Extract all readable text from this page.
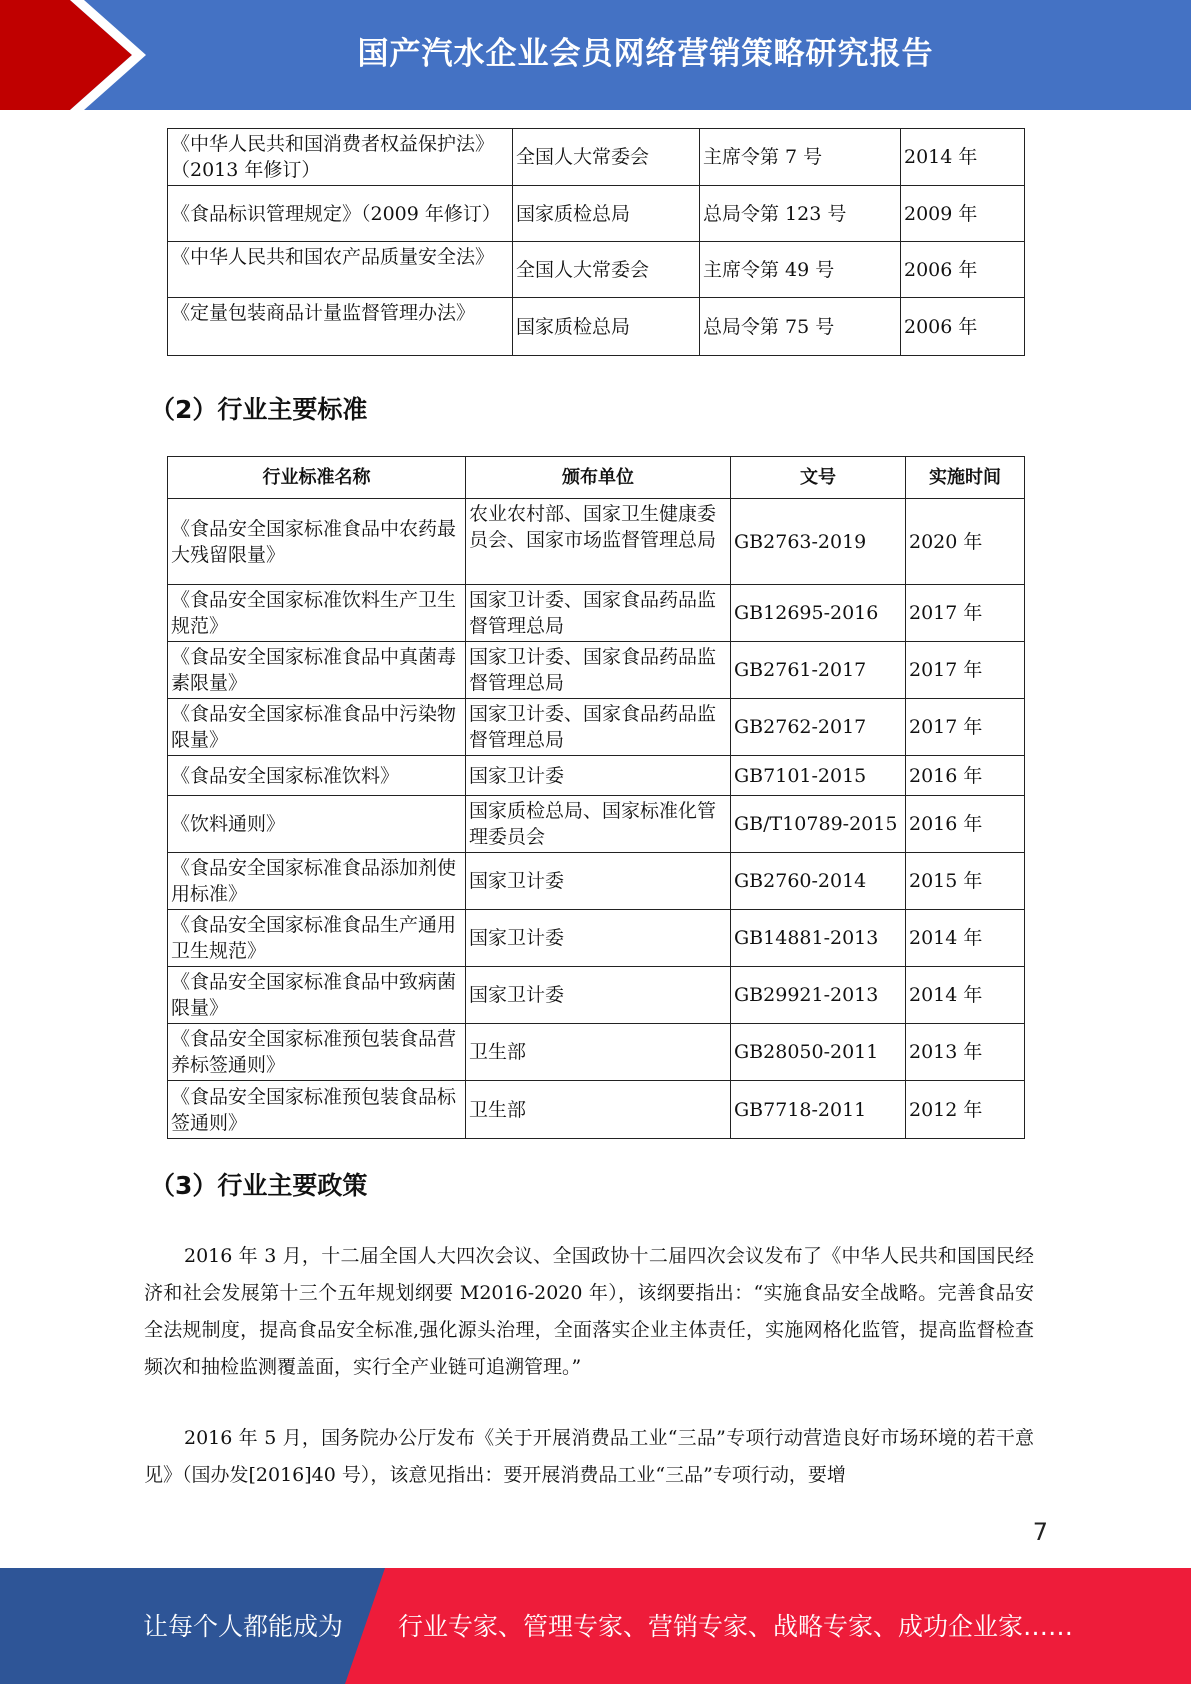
国产汽水企业会员网络营销策略研究报告
《中华人民共和国消费者权益保护法》（2013 年修订）	全国人大常委会	主席令第 7 号	2014 年
《食品标识管理规定》（2009 年修订）	国家质检总局	总局令第 123 号	2009 年
《中华人民共和国农产品质量安全法》	全国人大常委会	主席令第 49 号	2006 年
《定量包装商品计量监督管理办法》	国家质检总局	总局令第 75 号	2006 年
（2）行业主要标准
行业标准名称	颁布单位	文号	实施时间
《食品安全国家标准食品中农药最大残留限量》	农业农村部、国家卫生健康委员会、国家市场监督管理总局	GB2763-2019	2020 年
《食品安全国家标准饮料生产卫生规范》	国家卫计委、国家食品药品监督管理总局	GB12695-2016	2017 年
《食品安全国家标准食品中真菌毒素限量》	国家卫计委、国家食品药品监督管理总局	GB2761-2017	2017 年
《食品安全国家标准食品中污染物限量》	国家卫计委、国家食品药品监督管理总局	GB2762-2017	2017 年
《食品安全国家标准饮料》	国家卫计委	GB7101-2015	2016 年
《饮料通则》	国家质检总局、国家标准化管理委员会	GB/T10789-2015	2016 年
《食品安全国家标准食品添加剂使用标准》	国家卫计委	GB2760-2014	2015 年
《食品安全国家标准食品生产通用卫生规范》	国家卫计委	GB14881-2013	2014 年
《食品安全国家标准食品中致病菌限量》	国家卫计委	GB29921-2013	2014 年
《食品安全国家标准预包装食品营养标签通则》	卫生部	GB28050-2011	2013 年
《食品安全国家标准预包装食品标签通则》	卫生部	GB7718-2011	2012 年
（3）行业主要政策

2016 年 3 月，十二届全国人大四次会议、全国政协十二届四次会议发布了《中华人民共和国国民经济和社会发展第十三个五年规划纲要 M2016-2020 年），该纲要指出：“实施食品安全战略。完善食品安全法规制度，提高食品安全标准,强化源头治理，全面落实企业主体责任，实施网格化监管，提高监督检查频次和抽检监测覆盖面，实行全产业链可追溯管理。”

2016 年 5 月，国务院办公厅发布《关于开展消费品工业“三品”专项行动营造良好市场环境的若干意见》（国办发[2016]40 号），该意见指出：要开展消费品工业“三品”专项行动，要增

7
让每个人都能成为 行业专家、管理专家、营销专家、战略专家、成功企业家……
